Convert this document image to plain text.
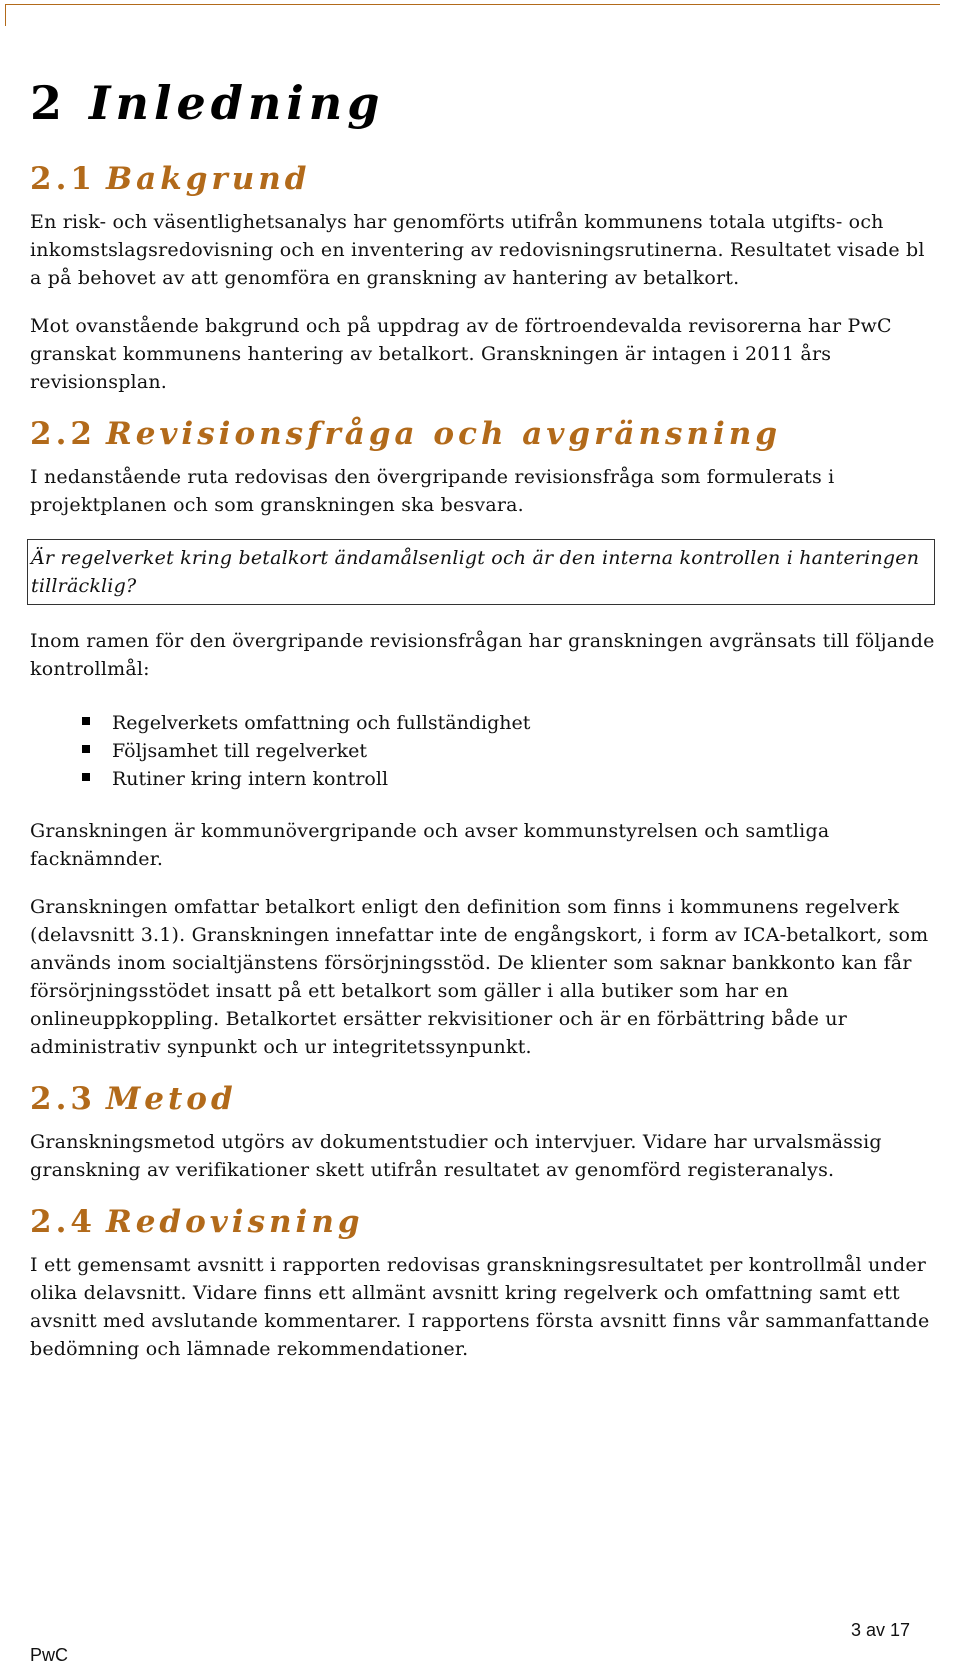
2 Inledning
2.1 Bakgrund

En risk- och väsentlighetsanalys har genomförts utifrån kommunens totala utgifts- och inkomstslagsredovisning och en inventering av redovisningsrutinerna. Resultatet visade bl a på behovet av att genomföra en granskning av hantering av betalkort.

Mot ovanstående bakgrund och på uppdrag av de förtroendevalda revisorerna har PwC granskat kommunens hantering av betalkort. Granskningen är intagen i 2011 års revisionsplan.

2.2 Revisionsfråga och avgränsning

I nedanstående ruta redovisas den övergripande revisionsfråga som formulerats i projektplanen och som granskningen ska besvara.

Är regelverket kring betalkort ändamålsenligt och är den interna kontrollen i hanteringen tillräcklig?

Inom ramen för den övergripande revisionsfrågan har granskningen avgränsats till följande kontrollmål:

Regelverkets omfattning och fullständighet
Följsamhet till regelverket
Rutiner kring intern kontroll

Granskningen är kommunövergripande och avser kommunstyrelsen och samtliga facknämnder.

Granskningen omfattar betalkort enligt den definition som finns i kommunens regelverk (delavsnitt 3.1). Granskningen innefattar inte de engångskort, i form av ICA-betalkort, som används inom socialtjänstens försörjningsstöd. De klienter som saknar bankkonto kan får försörjningsstödet insatt på ett betalkort som gäller i alla butiker som har en onlineuppkoppling. Betalkortet ersätter rekvisitioner och är en förbättring både ur administrativ synpunkt och ur integritetssynpunkt.

2.3 Metod

Granskningsmetod utgörs av dokumentstudier och intervjuer. Vidare har urvalsmässig granskning av verifikationer skett utifrån resultatet av genomförd registeranalys.

2.4 Redovisning

I ett gemensamt avsnitt i rapporten redovisas granskningsresultatet per kontrollmål under olika delavsnitt. Vidare finns ett allmänt avsnitt kring regelverk och omfattning samt ett avsnitt med avslutande kommentarer. I rapportens första avsnitt finns vår sammanfattande bedömning och lämnade rekommendationer.

3 av 17
PwC
